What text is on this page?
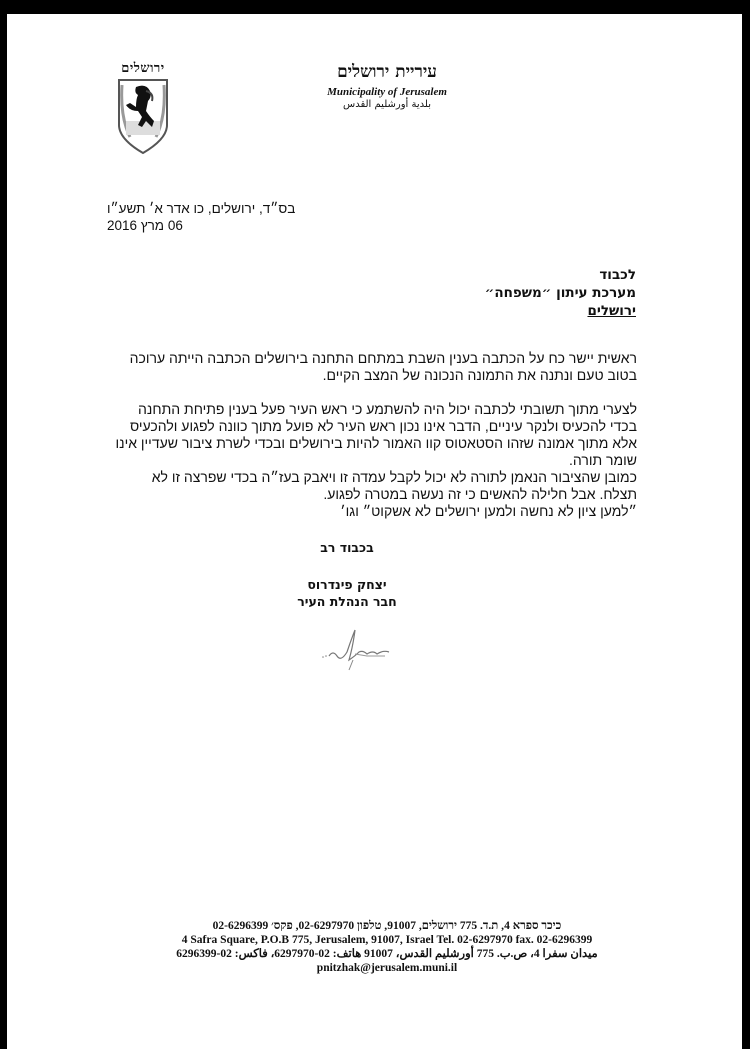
ירושלים	עיריית ירושלים
Municipality of Jerusalem
بلدية أورشليم القدس
בס״ד, ירושלים, כו אדר א׳ תשע״ו
06 מרץ 2016
לכבוד
מערכת עיתון ״משפחה״
ירושלים

ראשית יישר כח על הכתבה בענין השבת במתחם התחנה בירושלים הכתבה הייתה ערוכה בטוב טעם ונתנה את התמונה הנכונה של המצב הקיים.

לצערי מתוך תשובתי לכתבה יכול היה להשתמע כי ראש העיר פעל בענין פתיחת התחנה בכדי להכעיס ולנקר עיניים, הדבר אינו נכון ראש העיר לא פועל מתוך כוונה לפגוע ולהכעיס אלא מתוך אמונה שזהו הסטאטוס קוו האמור להיות בירושלים ובכדי לשרת ציבור שעדיין אינו שומר תורה.

כמובן שהציבור הנאמן לתורה לא יכול לקבל עמדה זו ויאבק בעז״ה בכדי שפרצה זו לא תצלח. אבל חלילה להאשים כי זה נעשה במטרה לפגוע.

״למען ציון לא נחשה ולמען ירושלים לא אשקוט״ וגו׳

בכבוד רב
יצחק פינדרוס
חבר הנהלת העיר
כיכר ספרא 4, ת.ד. 775 ירושלים, 91007, טלפון 02-6297970, פקס׳ 02-6296399
4 Safra Square, P.O.B 775, Jerusalem, 91007, Israel Tel. 02-6297970 fax. 02-6296399
ميدان سفرا 4، ص.ب. 775 أورشليم القدس، 91007 هاتف: 02-6297970، فاكس: 02-6296399
pnitzhak@jerusalem.muni.il
